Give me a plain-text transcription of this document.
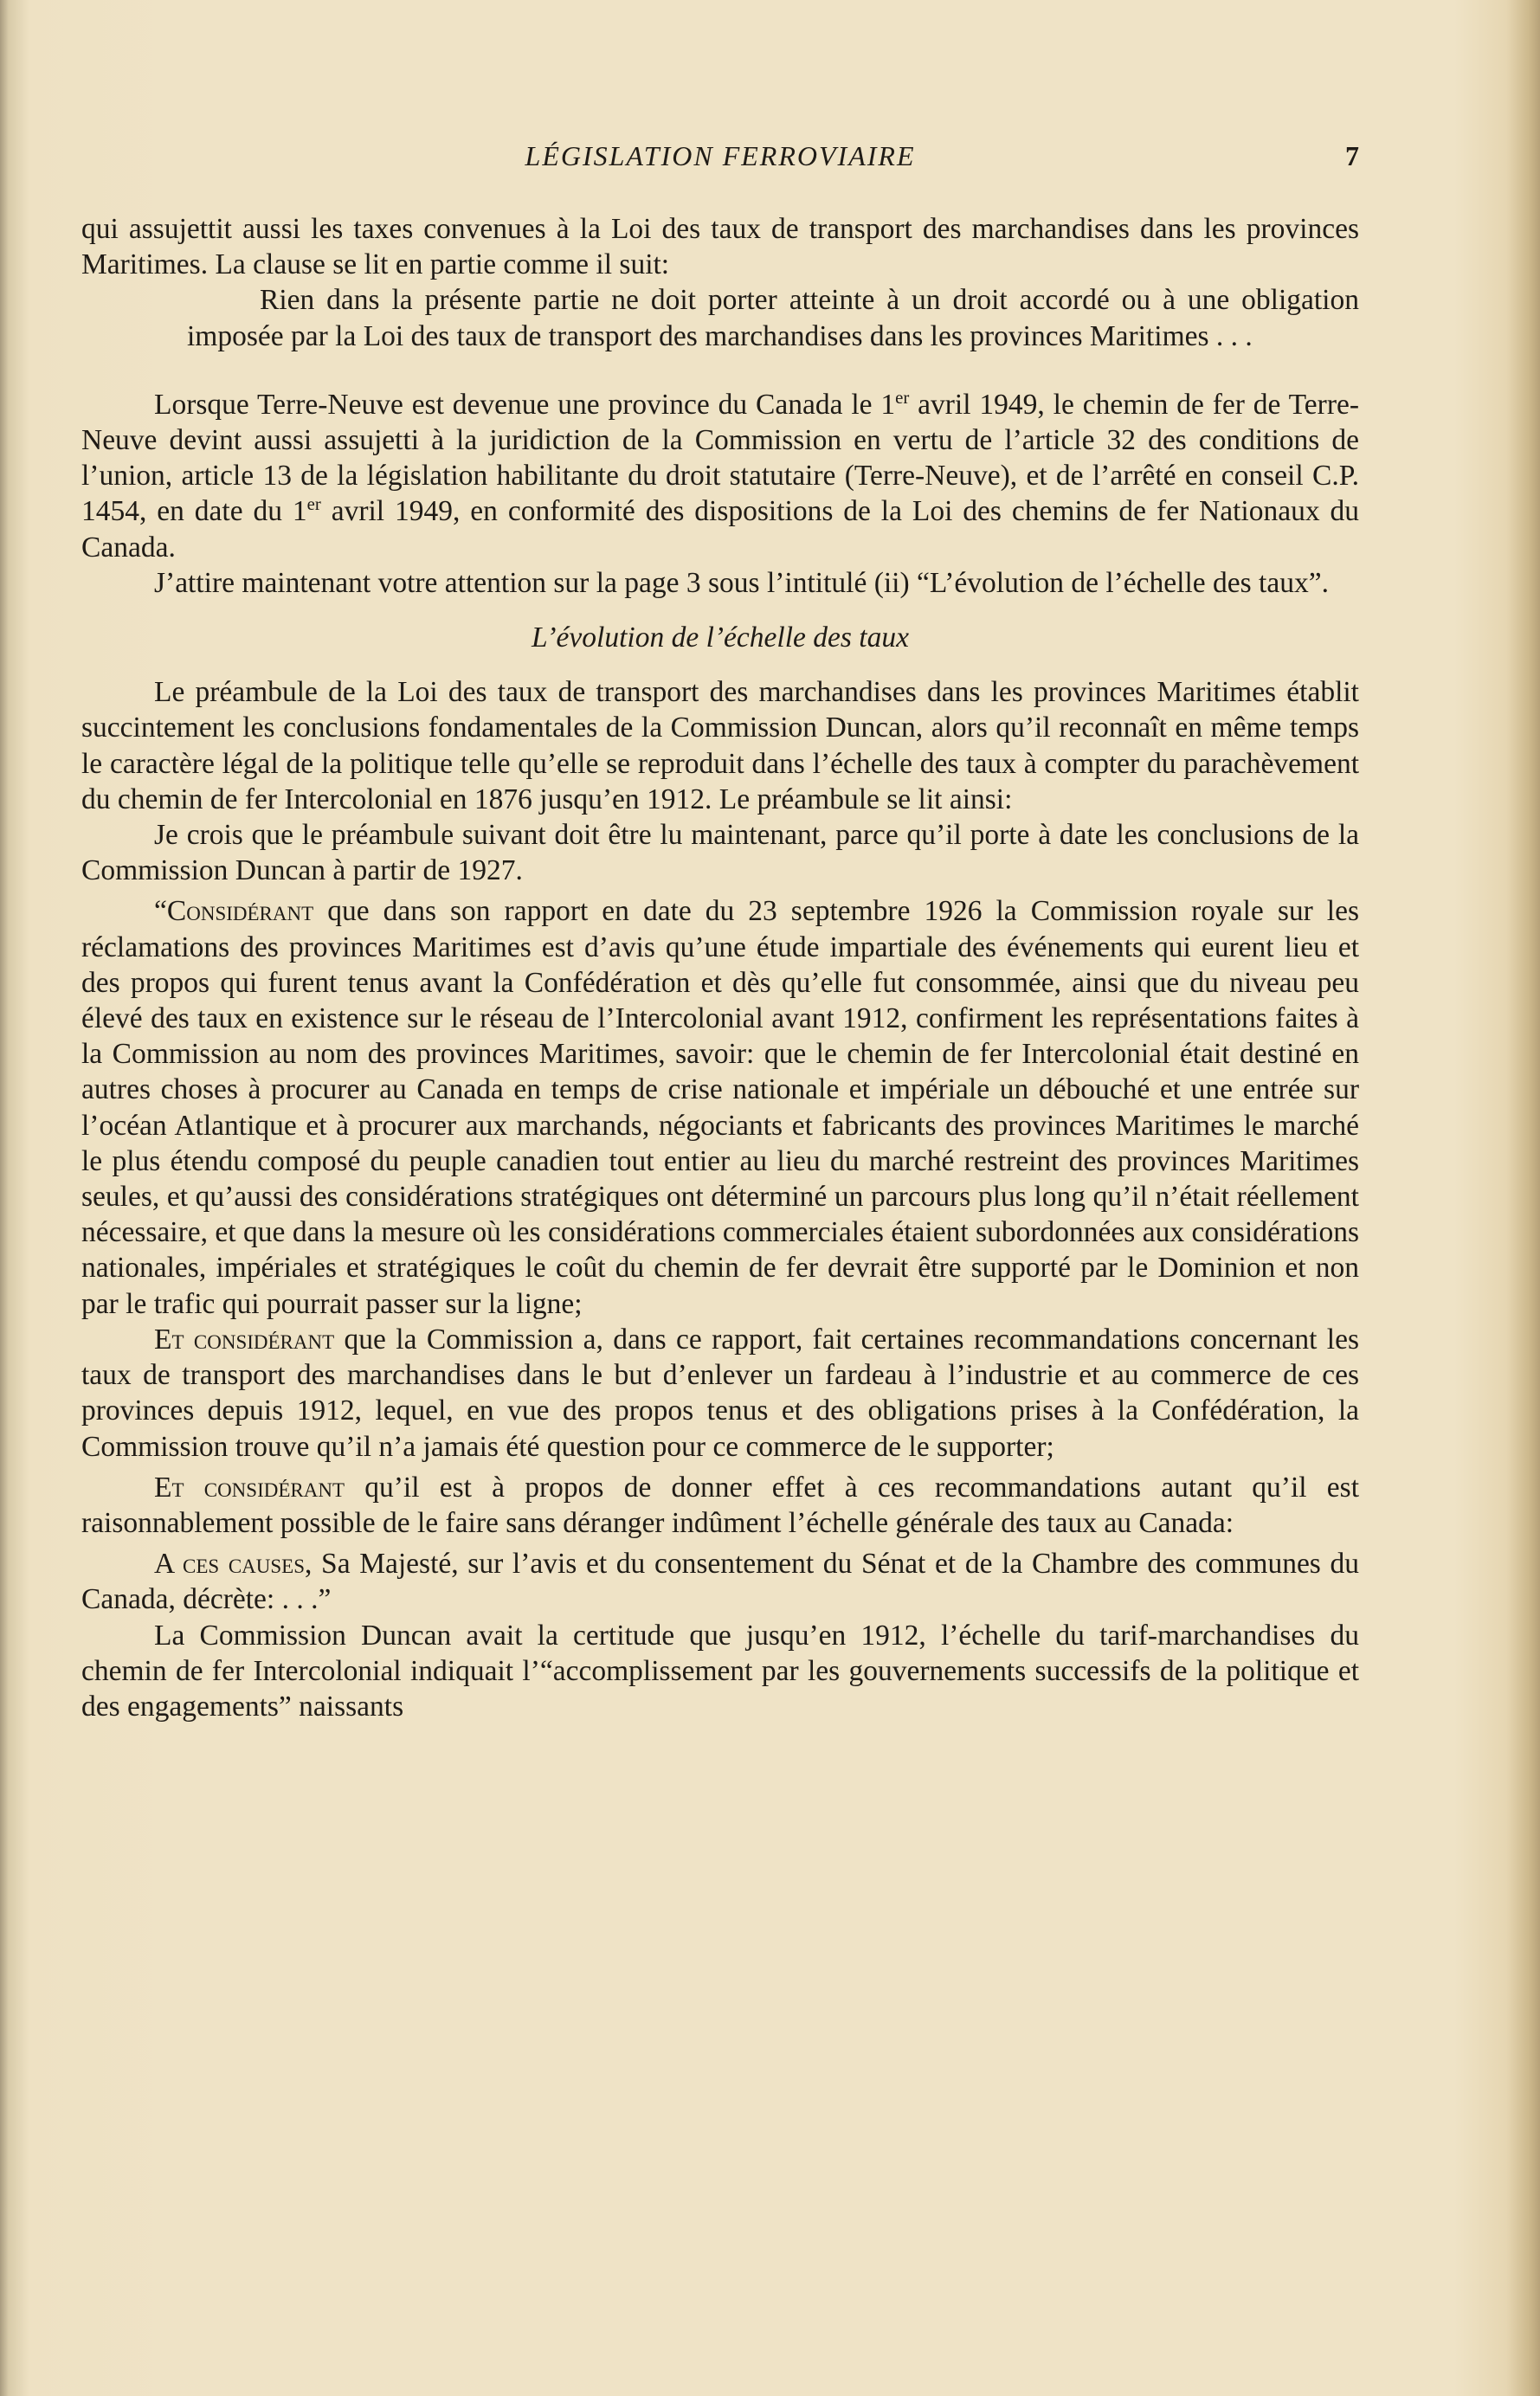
LÉGISLATION FERROVIAIRE	7

qui assujettit aussi les taxes convenues à la Loi des taux de transport des marchandises dans les provinces Maritimes. La clause se lit en partie comme il suit:

Rien dans la présente partie ne doit porter atteinte à un droit accordé ou à une obligation imposée par la Loi des taux de transport des marchandises dans les provinces Maritimes . . .

Lorsque Terre-Neuve est devenue une province du Canada le 1er avril 1949, le chemin de fer de Terre-Neuve devint aussi assujetti à la juridiction de la Commission en vertu de l’article 32 des conditions de l’union, article 13 de la législation habilitante du droit statutaire (Terre-Neuve), et de l’arrêté en conseil C.P. 1454, en date du 1er avril 1949, en conformité des dispositions de la Loi des chemins de fer Nationaux du Canada.

J’attire maintenant votre attention sur la page 3 sous l’intitulé (ii) “L’évolution de l’échelle des taux”.

L’évolution de l’échelle des taux

Le préambule de la Loi des taux de transport des marchandises dans les provinces Maritimes établit succintement les conclusions fondamentales de la Commission Duncan, alors qu’il reconnaît en même temps le caractère légal de la politique telle qu’elle se reproduit dans l’échelle des taux à compter du parachèvement du chemin de fer Intercolonial en 1876 jusqu’en 1912. Le préambule se lit ainsi:

Je crois que le préambule suivant doit être lu maintenant, parce qu’il porte à date les conclusions de la Commission Duncan à partir de 1927.

“Considérant que dans son rapport en date du 23 septembre 1926 la Commission royale sur les réclamations des provinces Maritimes est d’avis qu’une étude impartiale des événements qui eurent lieu et des propos qui furent tenus avant la Confédération et dès qu’elle fut consommée, ainsi que du niveau peu élevé des taux en existence sur le réseau de l’Intercolonial avant 1912, confirment les représentations faites à la Commission au nom des provinces Maritimes, savoir: que le chemin de fer Intercolonial était destiné en autres choses à procurer au Canada en temps de crise nationale et impériale un débouché et une entrée sur l’océan Atlantique et à procurer aux marchands, négociants et fabricants des provinces Maritimes le marché le plus étendu composé du peuple canadien tout entier au lieu du marché restreint des provinces Maritimes seules, et qu’aussi des considérations stratégiques ont déterminé un parcours plus long qu’il n’était réellement nécessaire, et que dans la mesure où les considérations commerciales étaient subordonnées aux considérations nationales, impériales et stratégiques le coût du chemin de fer devrait être supporté par le Dominion et non par le trafic qui pourrait passer sur la ligne;

Et considérant que la Commission a, dans ce rapport, fait certaines recommandations concernant les taux de transport des marchandises dans le but d’enlever un fardeau à l’industrie et au commerce de ces provinces depuis 1912, lequel, en vue des propos tenus et des obligations prises à la Confédération, la Commission trouve qu’il n’a jamais été question pour ce commerce de le supporter;

Et considérant qu’il est à propos de donner effet à ces recommandations autant qu’il est raisonnablement possible de le faire sans déranger indûment l’échelle générale des taux au Canada:

A ces causes, Sa Majesté, sur l’avis et du consentement du Sénat et de la Chambre des communes du Canada, décrète: . . .”

La Commission Duncan avait la certitude que jusqu’en 1912, l’échelle du tarif-marchandises du chemin de fer Intercolonial indiquait l’“accomplissement par les gouvernements successifs de la politique et des engagements” naissants
